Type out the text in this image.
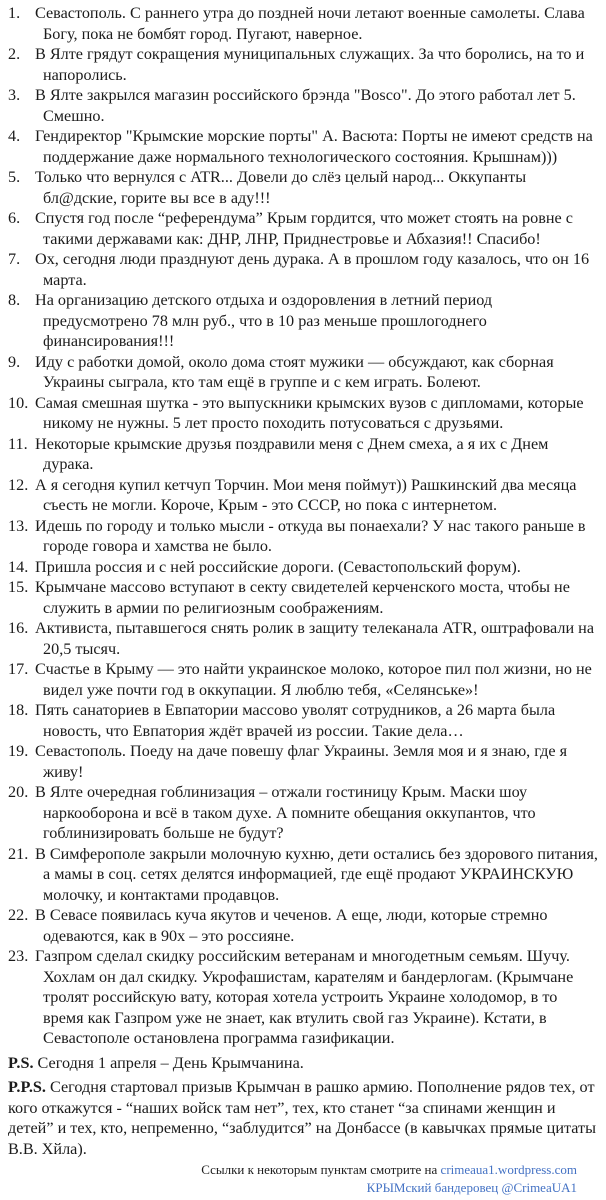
1. Севастополь. С раннего утра до поздней ночи летают военные самолеты. Слава Богу, пока не бомбят город. Пугают, наверное.
2. В Ялте грядут сокращения муниципальных служащих. За что боролись, на то и напоролись.
3. В Ялте закрылся магазин российского брэнда "Bosco". До этого работал лет 5. Смешно.
4. Гендиректор "Крымские морские порты" А. Васюта: Порты не имеют средств на поддержание даже нормального технологического состояния. Крышнам)))
5. Только что вернулся с ATR... Довели до слёз целый народ... Оккупанты бл@дские, горите вы все в аду!!!
6. Спустя год после “референдума” Крым гордится, что может стоять на ровне с такими державами как: ДНР, ЛНР, Приднестровье и Абхазия!! Спасибо!
7. Ох, сегодня люди празднуют день дурака. А в прошлом году казалось, что он 16 марта.
8. На организацию детского отдыха и оздоровления в летний период предусмотрено 78 млн руб., что в 10 раз меньше прошлогоднего финансирования!!!
9. Иду с работки домой, около дома стоят мужики — обсуждают, как сборная Украины сыграла, кто там ещё в группе и с кем играть. Болеют.
10. Самая смешная шутка - это выпускники крымских вузов с дипломами, которые никому не нужны. 5 лет просто походить потусоваться с друзьями.
11. Некоторые крымские друзья поздравили меня с Днем смеха, а я их с Днем дурака.
12. А я сегодня купил кетчуп Торчин. Мои меня поймут)) Рашкинский два месяца съесть не могли. Короче, Крым - это СССР, но пока с интернетом.
13. Идешь по городу и только мысли - откуда вы понаехали? У нас такого раньше в городе говора и хамства не было.
14. Пришла россия и с ней российские дороги. (Севастопольский форум).
15. Крымчане массово вступают в секту свидетелей керченского моста, чтобы не служить в армии по религиозным соображениям.
16. Активиста, пытавшегося снять ролик в защиту телеканала ATR, оштрафовали на 20,5 тысяч.
17. Счастье в Крыму — это найти украинское молоко, которое пил пол жизни, но не видел уже почти год в оккупации. Я люблю тебя, «Селянське»!
18. Пять санаториев в Евпатории массово уволят сотрудников, а 26 марта была новость, что Евпатория ждёт врачей из россии. Такие дела…
19. Севастополь. Поеду на даче повешу флаг Украины. Земля моя и я знаю, где я живу!
20. В Ялте очередная гоблинизация – отжали гостиницу Крым. Маски шоу наркооборона и всё в таком духе. А помните обещания оккупантов, что гоблинизировать больше не будут?
21. В Симферополе закрыли молочную кухню, дети остались без здорового питания, а мамы в соц. сетях делятся информацией, где ещё продают УКРАИНСКУЮ молочку, и контактами продавцов.
22. В Севасе появилась куча якутов и чеченов. А еще, люди, которые стремно одеваются, как в 90х – это россияне.
23. Газпром сделал скидку российским ветеранам и многодетным семьям. Шучу. Хохлам он дал скидку. Укрофашистам, карателям и бандерлогам. (Крымчане тролят российскую вату, которая хотела устроить Украине холодомор, в то время как Газпром уже не знает, как втулить свой газ Украине). Кстати, в Севастополе остановлена программа газификации.

P.S. Сегодня 1 апреля – День Крымчанина.

P.P.S. Сегодня стартовал призыв Крымчан в рашко армию. Пополнение рядов тех, от кого откажутся - “наших войск там нет”, тех, кто станет “за спинами женщин и детей” и тех, кто, непременно, “заблудится” на Донбассе (в кавычках прямые цитаты В.В. Хйла).

Ссылки к некоторым пунктам смотрите на crimeaua1.wordpress.com
КРЫМский бандеровец @CrimeaUA1
